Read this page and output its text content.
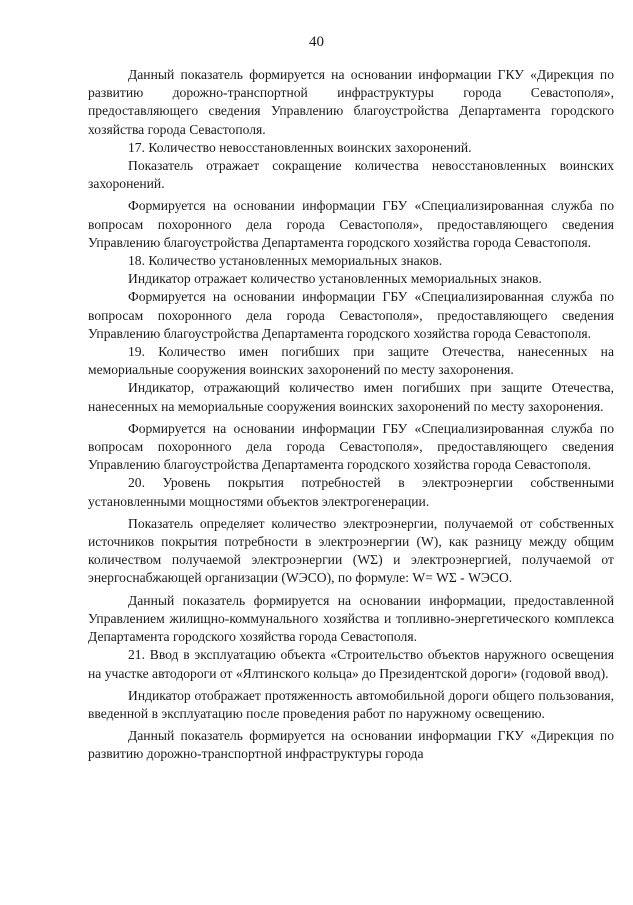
40

Данный показатель формируется на основании информации ГКУ «Дирекция по развитию дорожно-транспортной инфраструктуры города Севастополя», предоставляющего сведения Управлению благоустройства Департамента городского хозяйства города Севастополя.

17. Количество невосстановленных воинских захоронений.

Показатель отражает сокращение количества невосстановленных воинских захоронений.

Формируется на основании информации ГБУ «Специализированная служба по вопросам похоронного дела города Севастополя», предоставляющего сведения Управлению благоустройства Департамента городского хозяйства города Севастополя.

18. Количество установленных мемориальных знаков.

Индикатор отражает количество установленных мемориальных знаков.

Формируется на основании информации ГБУ «Специализированная служба по вопросам похоронного дела города Севастополя», предоставляющего сведения Управлению благоустройства Департамента городского хозяйства города Севастополя.

19. Количество имен погибших при защите Отечества, нанесенных на мемориальные сооружения воинских захоронений по месту захоронения.

Индикатор, отражающий количество имен погибших при защите Отечества, нанесенных на мемориальные сооружения воинских захоронений по месту захоронения.

Формируется на основании информации ГБУ «Специализированная служба по вопросам похоронного дела города Севастополя», предоставляющего сведения Управлению благоустройства Департамента городского хозяйства города Севастополя.

20. Уровень покрытия потребностей в электроэнергии собственными установленными мощностями объектов электрогенерации.

Показатель определяет количество электроэнергии, получаемой от собственных источников покрытия потребности в электроэнергии (W), как разницу между общим количеством получаемой электроэнергии (WΣ) и электроэнергией, получаемой от энергоснабжающей организации (WЭСО), по формуле: W= WΣ - WЭСО.

Данный показатель формируется на основании информации, предоставленной Управлением жилищно-коммунального хозяйства и топливно-энергетического комплекса Департамента городского хозяйства города Севастополя.

21. Ввод в эксплуатацию объекта «Строительство объектов наружного освещения на участке автодороги от «Ялтинского кольца» до Президентской дороги» (годовой ввод).

Индикатор отображает протяженность автомобильной дороги общего пользования, введенной в эксплуатацию после проведения работ по наружному освещению.

Данный показатель формируется на основании информации ГКУ «Дирекция по развитию дорожно-транспортной инфраструктуры города
